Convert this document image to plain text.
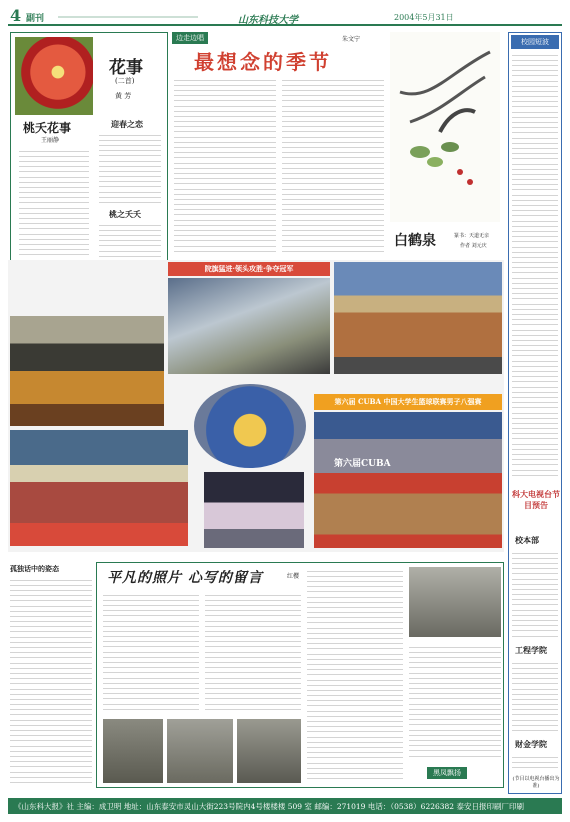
4 副刊	山东科技大学	2004年5月31日
花事
(二首)
黄 芳
桃夭花事
王丽静
迎春之恋
桃之夭夭
边走边唱	朱文宁
最想念的季节
白鹤泉	篆书：天道无亲
作者 刘元庆
校园短波
科大电视台节目预告
校本部
工程学院
财金学院
(节目以电视台播出为准)
院旗猛进·领头攻胜·争夺冠军
第六届 CUBA 中国大学生篮球联赛男子八强赛
第六届CUBA
孤独话中的姿态
平凡的照片 心写的留言	红樱
黑凤飘扬
《山东科大报》社 主编：成卫明 地址：山东泰安市灵山大街223号院内4号楼楼楼 509 室 邮编：271019 电话：（0538）6226382 泰安日报印刷厂印刷
